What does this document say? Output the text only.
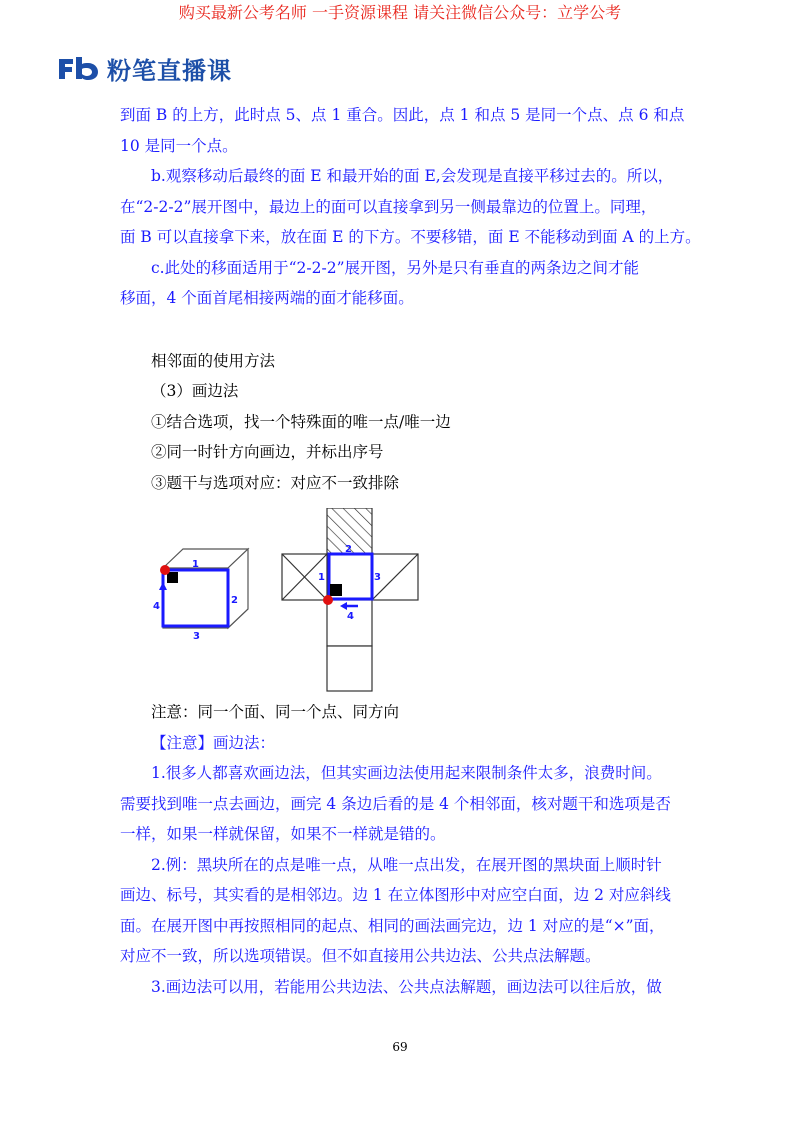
购买最新公考名师 一手资源课程 请关注微信公众号：立学公考
粉笔直播课
到面 B 的上方，此时点 5、点 1 重合。因此，点 1 和点 5 是同一个点、点 6 和点
10 是同一个点。
b.观察移动后最终的面 E 和最开始的面 E,会发现是直接平移过去的。所以，
在“2-2-2”展开图中，最边上的面可以直接拿到另一侧最靠边的位置上。同理，
面 B 可以直接拿下来，放在面 E 的下方。不要移错，面 E 不能移动到面 A 的上方。
c.此处的移面适用于“2-2-2”展开图，另外是只有垂直的两条边之间才能
移面，4 个面首尾相接两端的面才能移面。
相邻面的使用方法
（3）画边法
①结合选项，找一个特殊面的唯一点/唯一边
②同一时针方向画边，并标出序号
③题干与选项对应：对应不一致排除
1
2
3
4
2
1	3
4
注意：同一个面、同一个点、同方向
【注意】画边法：
1.很多人都喜欢画边法，但其实画边法使用起来限制条件太多，浪费时间。
需要找到唯一点去画边，画完 4 条边后看的是 4 个相邻面，核对题干和选项是否
一样，如果一样就保留，如果不一样就是错的。
2.例：黑块所在的点是唯一点，从唯一点出发，在展开图的黑块面上顺时针
画边、标号，其实看的是相邻边。边 1 在立体图形中对应空白面，边 2 对应斜线
面。在展开图中再按照相同的起点、相同的画法画完边，边 1 对应的是“×”面，
对应不一致，所以选项错误。但不如直接用公共边法、公共点法解题。
3.画边法可以用，若能用公共边法、公共点法解题，画边法可以往后放，做
69
